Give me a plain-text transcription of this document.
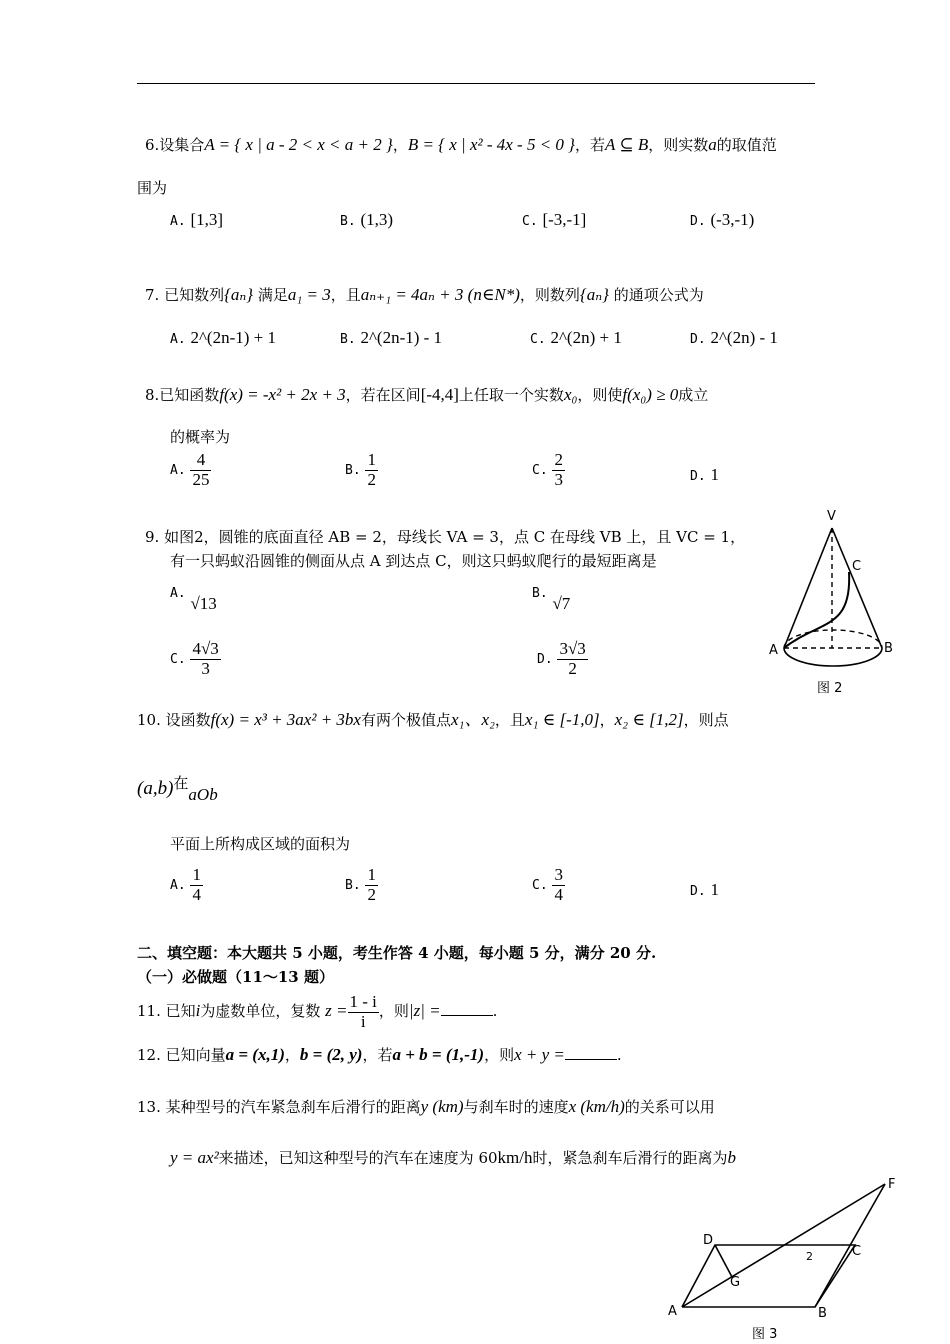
6.设集合A = { x | a - 2 < x < a + 2 }，B = { x | x² - 4x - 5 < 0 }，若A ⊆ B，则实数a的取值范
围为
A. [1,3]	B. (1,3)	C. [-3,-1]	D. (-3,-1)
7. 已知数列{aₙ} 满足a₁ = 3，且aₙ₊₁ = 4aₙ + 3 (n∈N*)，则数列{aₙ} 的通项公式为
A. 2^(2n-1) + 1	B. 2^(2n-1) - 1	C. 2^(2n) + 1	D. 2^(2n) - 1
8.已知函数f(x) = -x² + 2x + 3，若在区间[-4,4]上任取一个实数x₀，则使f(x₀) ≥ 0成立
的概率为
A. $\frac{4}{25}$	B. $\frac{1}{2}$	C. $\frac{2}{3}$	D. 1
9. 如图2，圆锥的底面直径 AB = 2，母线长 VA = 3，点 C 在母线 VB 上，且 VC = 1，
有一只蚂蚁沿圆锥的侧面从点 A 到达点 C，则这只蚂蚁爬行的最短距离是
A. √13
B. √7
C. $\frac{4√3}{3}$	D. $\frac{3√3}{2}$
V
C
A	B
图 2
10. 设函数f(x) = x³ + 3ax² + 3bx有两个极值点x₁、x₂，且x₁ ∈ [-1,0]，x₂ ∈ [1,2]，则点
(a,b)在aOb
平面上所构成区域的面积为
A. $\frac{1}{4}$	B. $\frac{1}{2}$	C. $\frac{3}{4}$	D. 1
二、填空题：本大题共 5 小题，考生作答 4 小题，每小题 5 分，满分 20 分.
（一）必做题（11～13 题）
11. 已知i为虚数单位，复数 $z = \frac{1 - i}{i}$ ，则|z| =	.
12. 已知向量a = (x,1)，b = (2, y)，若a + b = (1,-1)，则x + y =	.
13. 某种型号的汽车紧急刹车后滑行的距离y (km)与刹车时的速度x (km/h)的关系可以用
y = ax²来描述，已知这种型号的汽车在速度为 60km/h时，紧急刹车后滑行的距离为b
F
D
C
2
G
A	B
图 3
